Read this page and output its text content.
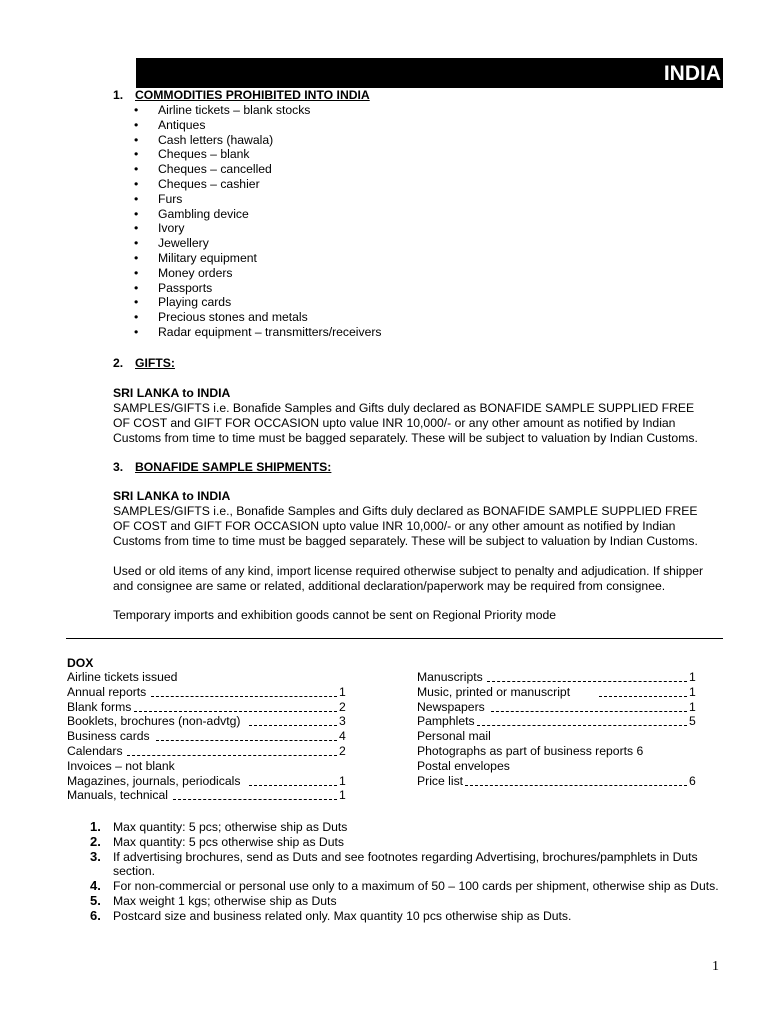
INDIA
1. COMMODITIES PROHIBITED INTO INDIA
• Airline tickets – blank stocks
• Antiques
• Cash letters (hawala)
• Cheques – blank
• Cheques – cancelled
• Cheques – cashier
• Furs
• Gambling device
• Ivory
• Jewellery
• Military equipment
• Money orders
• Passports
• Playing cards
• Precious stones and metals
• Radar equipment – transmitters/receivers
2. GIFTS:
SRI LANKA to INDIA
SAMPLES/GIFTS i.e. Bonafide Samples and Gifts duly declared as BONAFIDE SAMPLE SUPPLIED FREE
OF COST and GIFT FOR OCCASION upto value INR 10,000/- or any other amount as notified by Indian
Customs from time to time must be bagged separately. These will be subject to valuation by Indian Customs.
3. BONAFIDE SAMPLE SHIPMENTS:
SRI LANKA to INDIA
SAMPLES/GIFTS i.e., Bonafide Samples and Gifts duly declared as BONAFIDE SAMPLE SUPPLIED FREE
OF COST and GIFT FOR OCCASION upto value INR 10,000/- or any other amount as notified by Indian
Customs from time to time must be bagged separately. These will be subject to valuation by Indian Customs.
Used or old items of any kind, import license required otherwise subject to penalty and adjudication. If shipper
and consignee are same or related, additional declaration/paperwork may be required from consignee.
Temporary imports and exhibition goods cannot be sent on Regional Priority mode
DOX
Airline tickets issued
Annual reports	1
Blank forms	2
Booklets, brochures (non-advtg)	3
Business cards	4
Calendars	2
Invoices – not blank
Magazines, journals, periodicals	1
Manuals, technical	1
Manuscripts	1
Music, printed or manuscript	1
Newspapers	1
Pamphlets	5
Personal mail
Photographs as part of business reports 6
Postal envelopes
Price list	6
1. Max quantity: 5 pcs; otherwise ship as Duts
2. Max quantity: 5 pcs otherwise ship as Duts
3. If advertising brochures, send as Duts and see footnotes regarding Advertising, brochures/pamphlets in Duts section.
4. For non-commercial or personal use only to a maximum of 50 – 100 cards per shipment, otherwise ship as Duts.
5. Max weight 1 kgs; otherwise ship as Duts
6. Postcard size and business related only. Max quantity 10 pcs otherwise ship as Duts.
1
